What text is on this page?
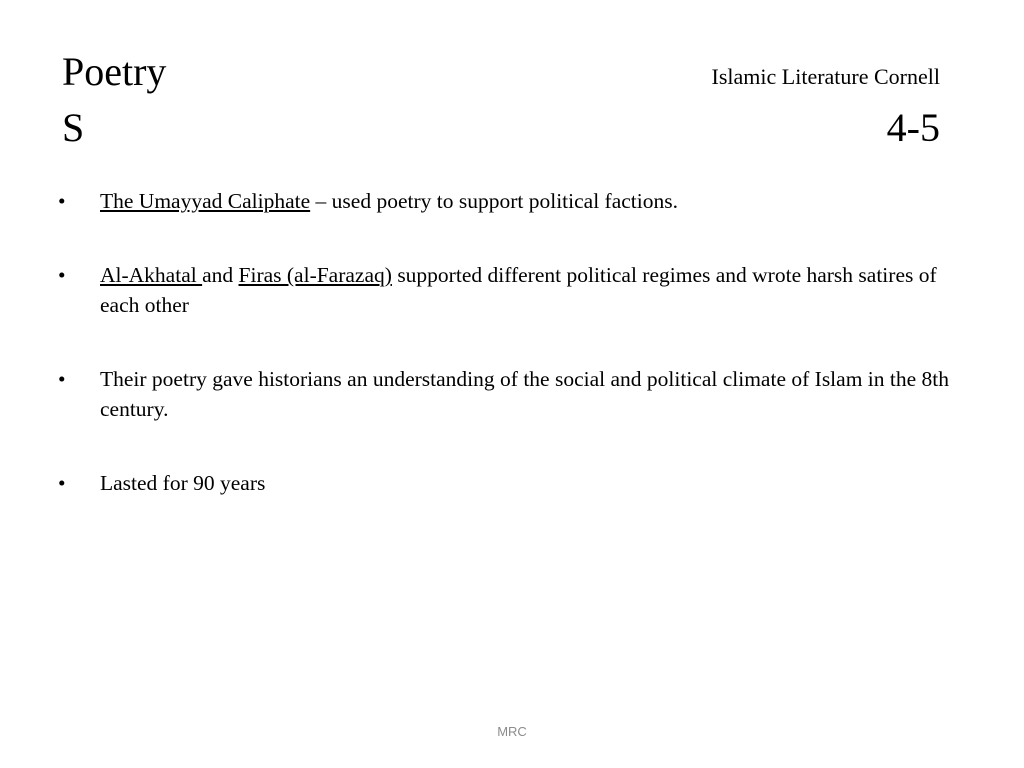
Poetry
S
Islamic Literature Cornell
4-5
•	The Umayyad Caliphate – used poetry to support political factions.
•	Al-Akhatal and Firas (al-Farazaq) supported different political regimes and wrote harsh satires of each other
•	Their poetry gave historians an understanding of the social and political climate of Islam in the 8th century.
•	Lasted for 90 years
MRC
